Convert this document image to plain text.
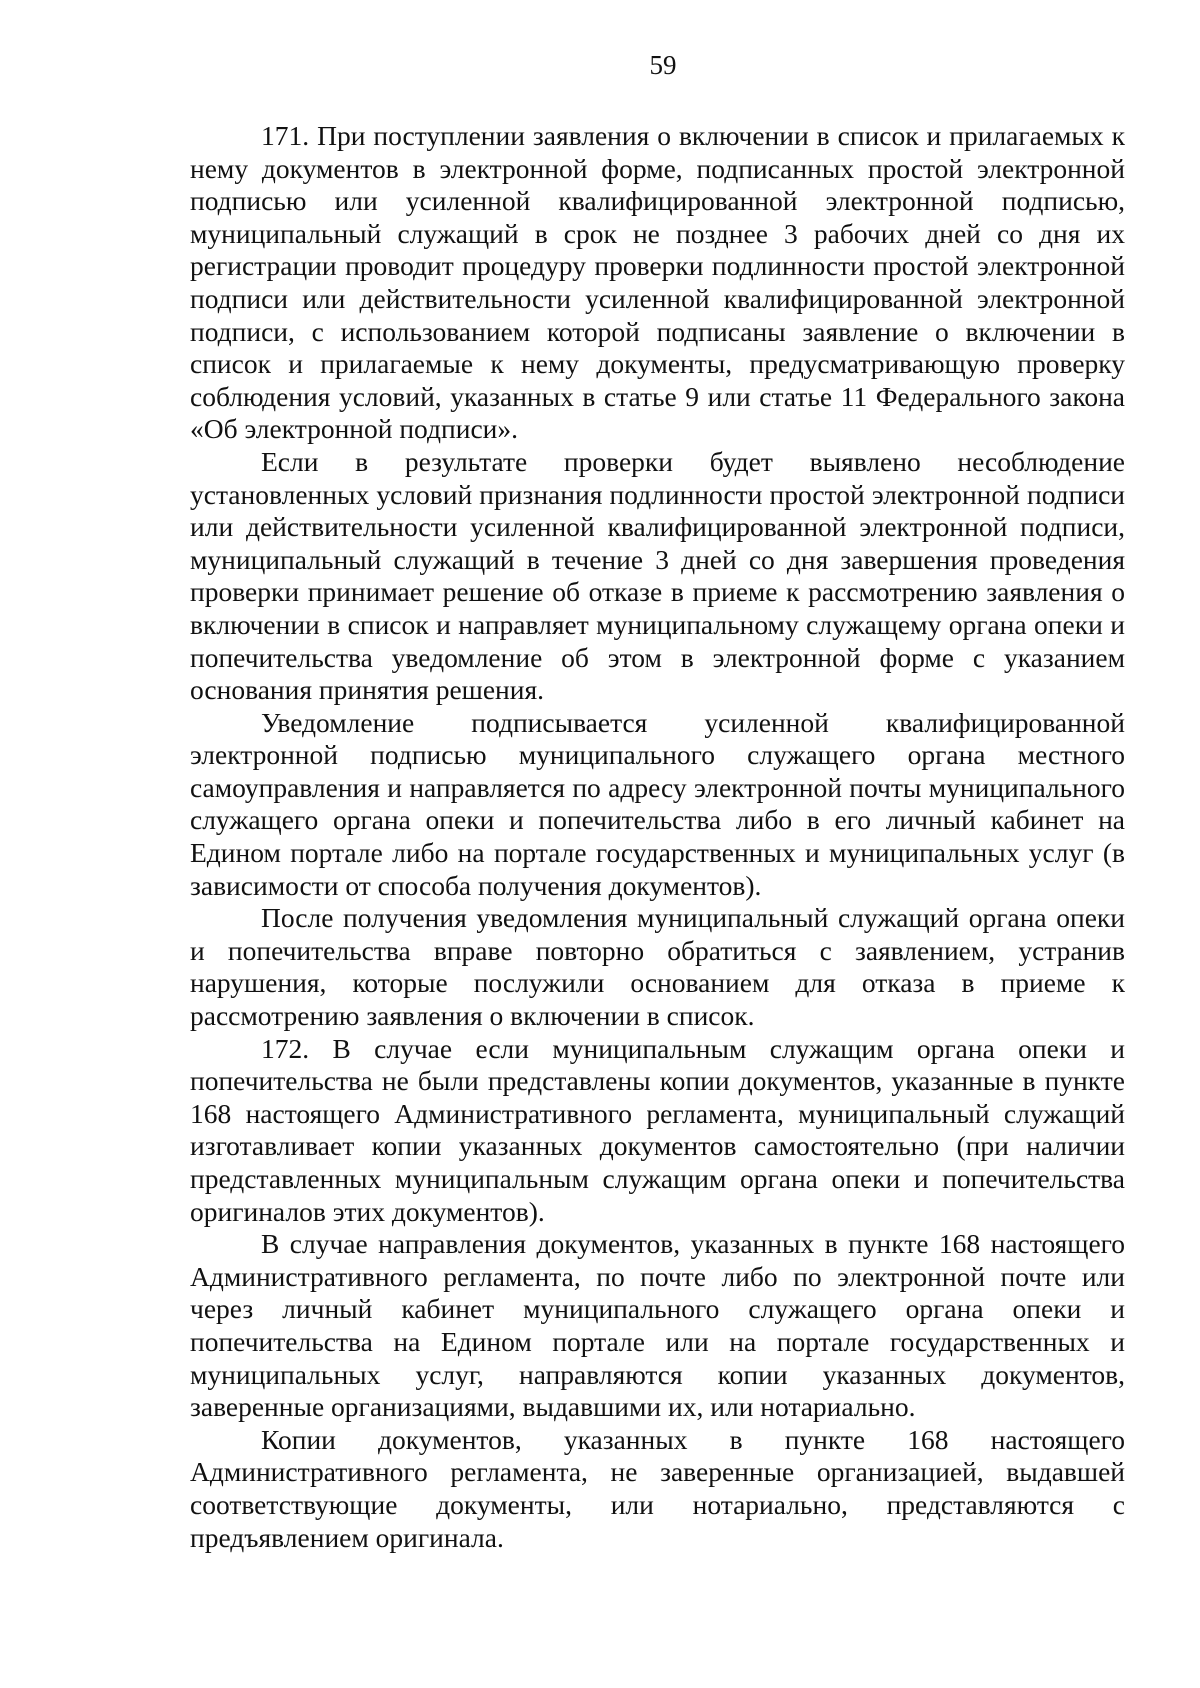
59

171. При поступлении заявления о включении в список и прилагаемых к нему документов в электронной форме, подписанных простой электронной подписью или усиленной квалифицированной электронной подписью, муниципальный служащий в срок не позднее 3 рабочих дней со дня их регистрации проводит процедуру проверки подлинности простой электронной подписи или действительности усиленной квалифицированной электронной подписи, с использованием которой подписаны заявление о включении в список и прилагаемые к нему документы, предусматривающую проверку соблюдения условий, указанных в статье 9 или статье 11 Федерального закона «Об электронной подписи».

Если в результате проверки будет выявлено несоблюдение установленных условий признания подлинности простой электронной подписи или действительности усиленной квалифицированной электронной подписи, муниципальный служащий в течение 3 дней со дня завершения проведения проверки принимает решение об отказе в приеме к рассмотрению заявления о включении в список и направляет муниципальному служащему органа опеки и попечительства уведомление об этом в электронной форме с указанием основания принятия решения.

Уведомление подписывается усиленной квалифицированной электронной подписью муниципального служащего органа местного самоуправления и направляется по адресу электронной почты муниципального служащего органа опеки и попечительства либо в его личный кабинет на Едином портале либо на портале государственных и муниципальных услуг (в зависимости от способа получения документов).

После получения уведомления муниципальный служащий органа опеки и попечительства вправе повторно обратиться с заявлением, устранив нарушения, которые послужили основанием для отказа в приеме к рассмотрению заявления о включении в список.

172. В случае если муниципальным служащим органа опеки и попечительства не были представлены копии документов, указанные в пункте 168 настоящего Административного регламента, муниципальный служащий изготавливает копии указанных документов самостоятельно (при наличии представленных муниципальным служащим органа опеки и попечительства оригиналов этих документов).

В случае направления документов, указанных в пункте 168 настоящего Административного регламента, по почте либо по электронной почте или через личный кабинет муниципального служащего органа опеки и попечительства на Едином портале или на портале государственных и муниципальных услуг, направляются копии указанных документов, заверенные организациями, выдавшими их, или нотариально.

Копии документов, указанных в пункте 168 настоящего Административного регламента, не заверенные организацией, выдавшей соответствующие документы, или нотариально, представляются с предъявлением оригинала.
